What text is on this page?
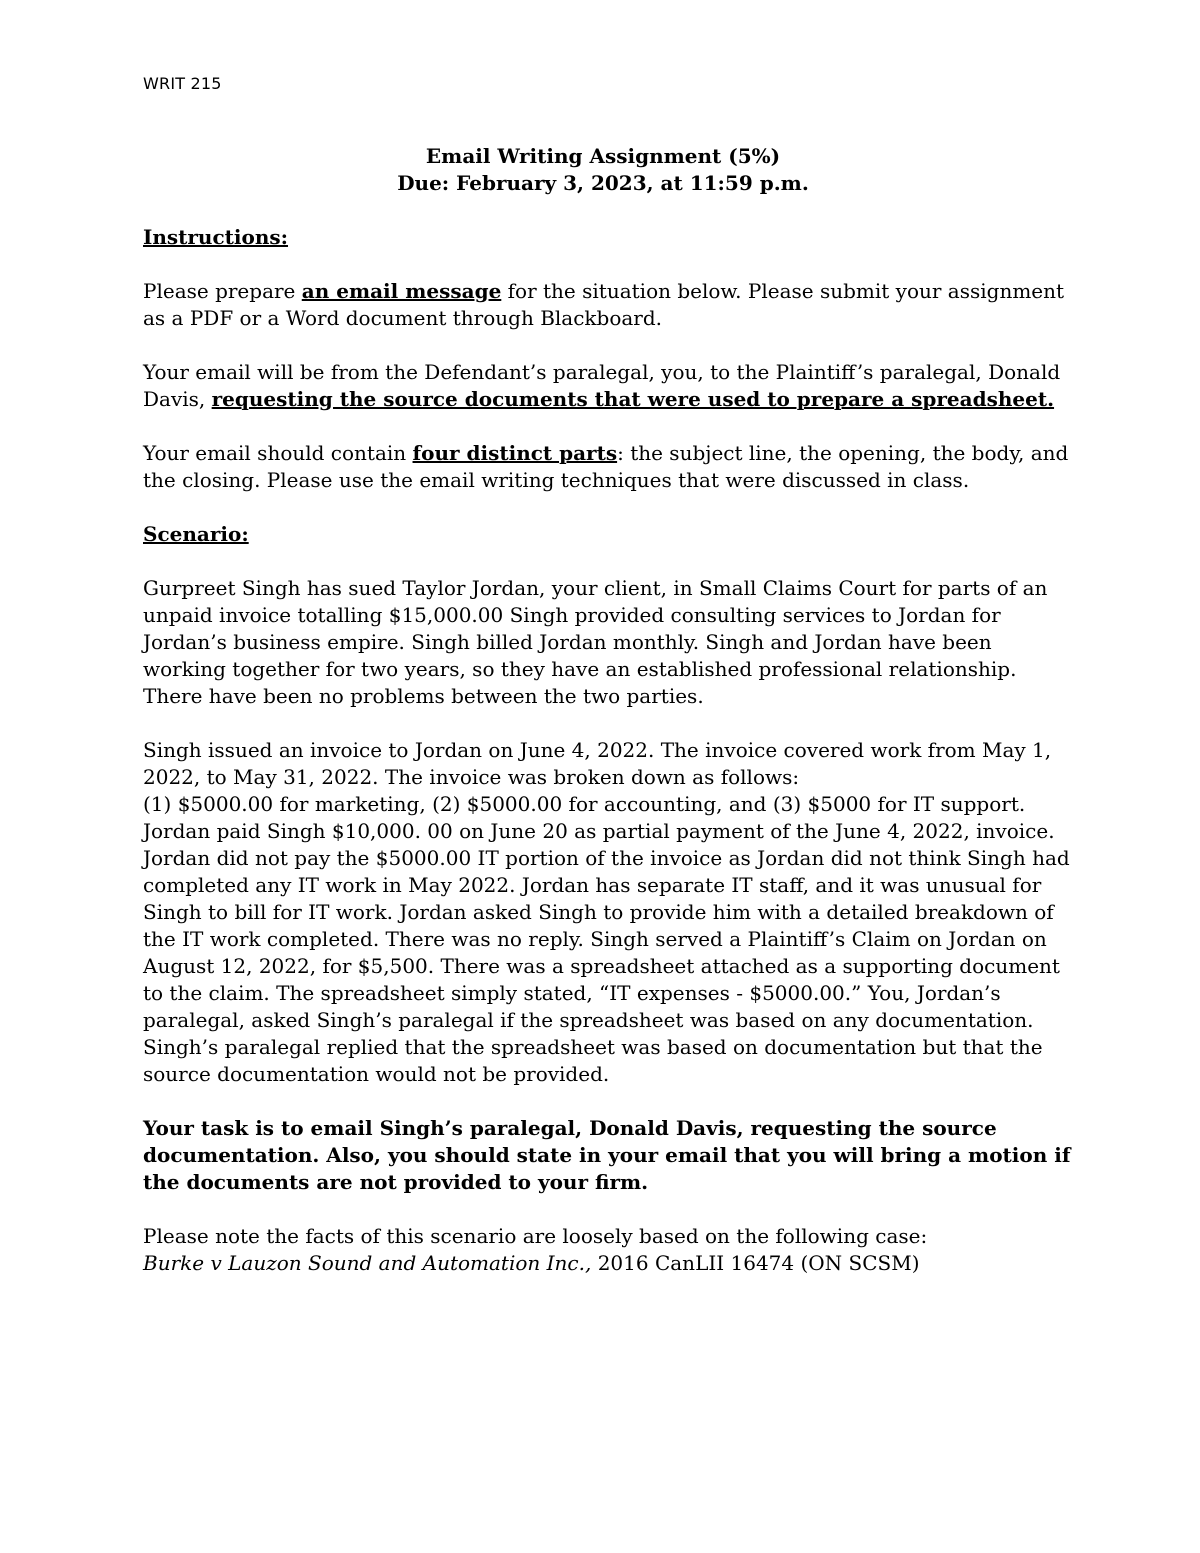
WRIT 215
Email Writing Assignment (5%)
Due: February 3, 2023, at 11:59 p.m.

Instructions:

Please prepare an email message for the situation below. Please submit your assignment
as a PDF or a Word document through Blackboard.

Your email will be from the Defendant’s paralegal, you, to the Plaintiff’s paralegal, Donald
Davis, requesting the source documents that were used to prepare a spreadsheet.

Your email should contain four distinct parts: the subject line, the opening, the body, and
the closing. Please use the email writing techniques that were discussed in class.

Scenario:

Gurpreet Singh has sued Taylor Jordan, your client, in Small Claims Court for parts of an
unpaid invoice totalling $15,000.00 Singh provided consulting services to Jordan for
Jordan’s business empire. Singh billed Jordan monthly. Singh and Jordan have been
working together for two years, so they have an established professional relationship.
There have been no problems between the two parties.

Singh issued an invoice to Jordan on June 4, 2022. The invoice covered work from May 1,
2022, to May 31, 2022. The invoice was broken down as follows:
(1) $5000.00 for marketing, (2) $5000.00 for accounting, and (3) $5000 for IT support.
Jordan paid Singh $10,000. 00 on June 20 as partial payment of the June 4, 2022, invoice.
Jordan did not pay the $5000.00 IT portion of the invoice as Jordan did not think Singh had
completed any IT work in May 2022. Jordan has separate IT staff, and it was unusual for
Singh to bill for IT work. Jordan asked Singh to provide him with a detailed breakdown of
the IT work completed. There was no reply. Singh served a Plaintiff’s Claim on Jordan on
August 12, 2022, for $5,500. There was a spreadsheet attached as a supporting document
to the claim. The spreadsheet simply stated, “IT expenses - $5000.00.” You, Jordan’s
paralegal, asked Singh’s paralegal if the spreadsheet was based on any documentation.
Singh’s paralegal replied that the spreadsheet was based on documentation but that the
source documentation would not be provided.

Your task is to email Singh’s paralegal, Donald Davis, requesting the source
documentation. Also, you should state in your email that you will bring a motion if
the documents are not provided to your firm.

Please note the facts of this scenario are loosely based on the following case:
Burke v Lauzon Sound and Automation Inc., 2016 CanLII 16474 (ON SCSM)
